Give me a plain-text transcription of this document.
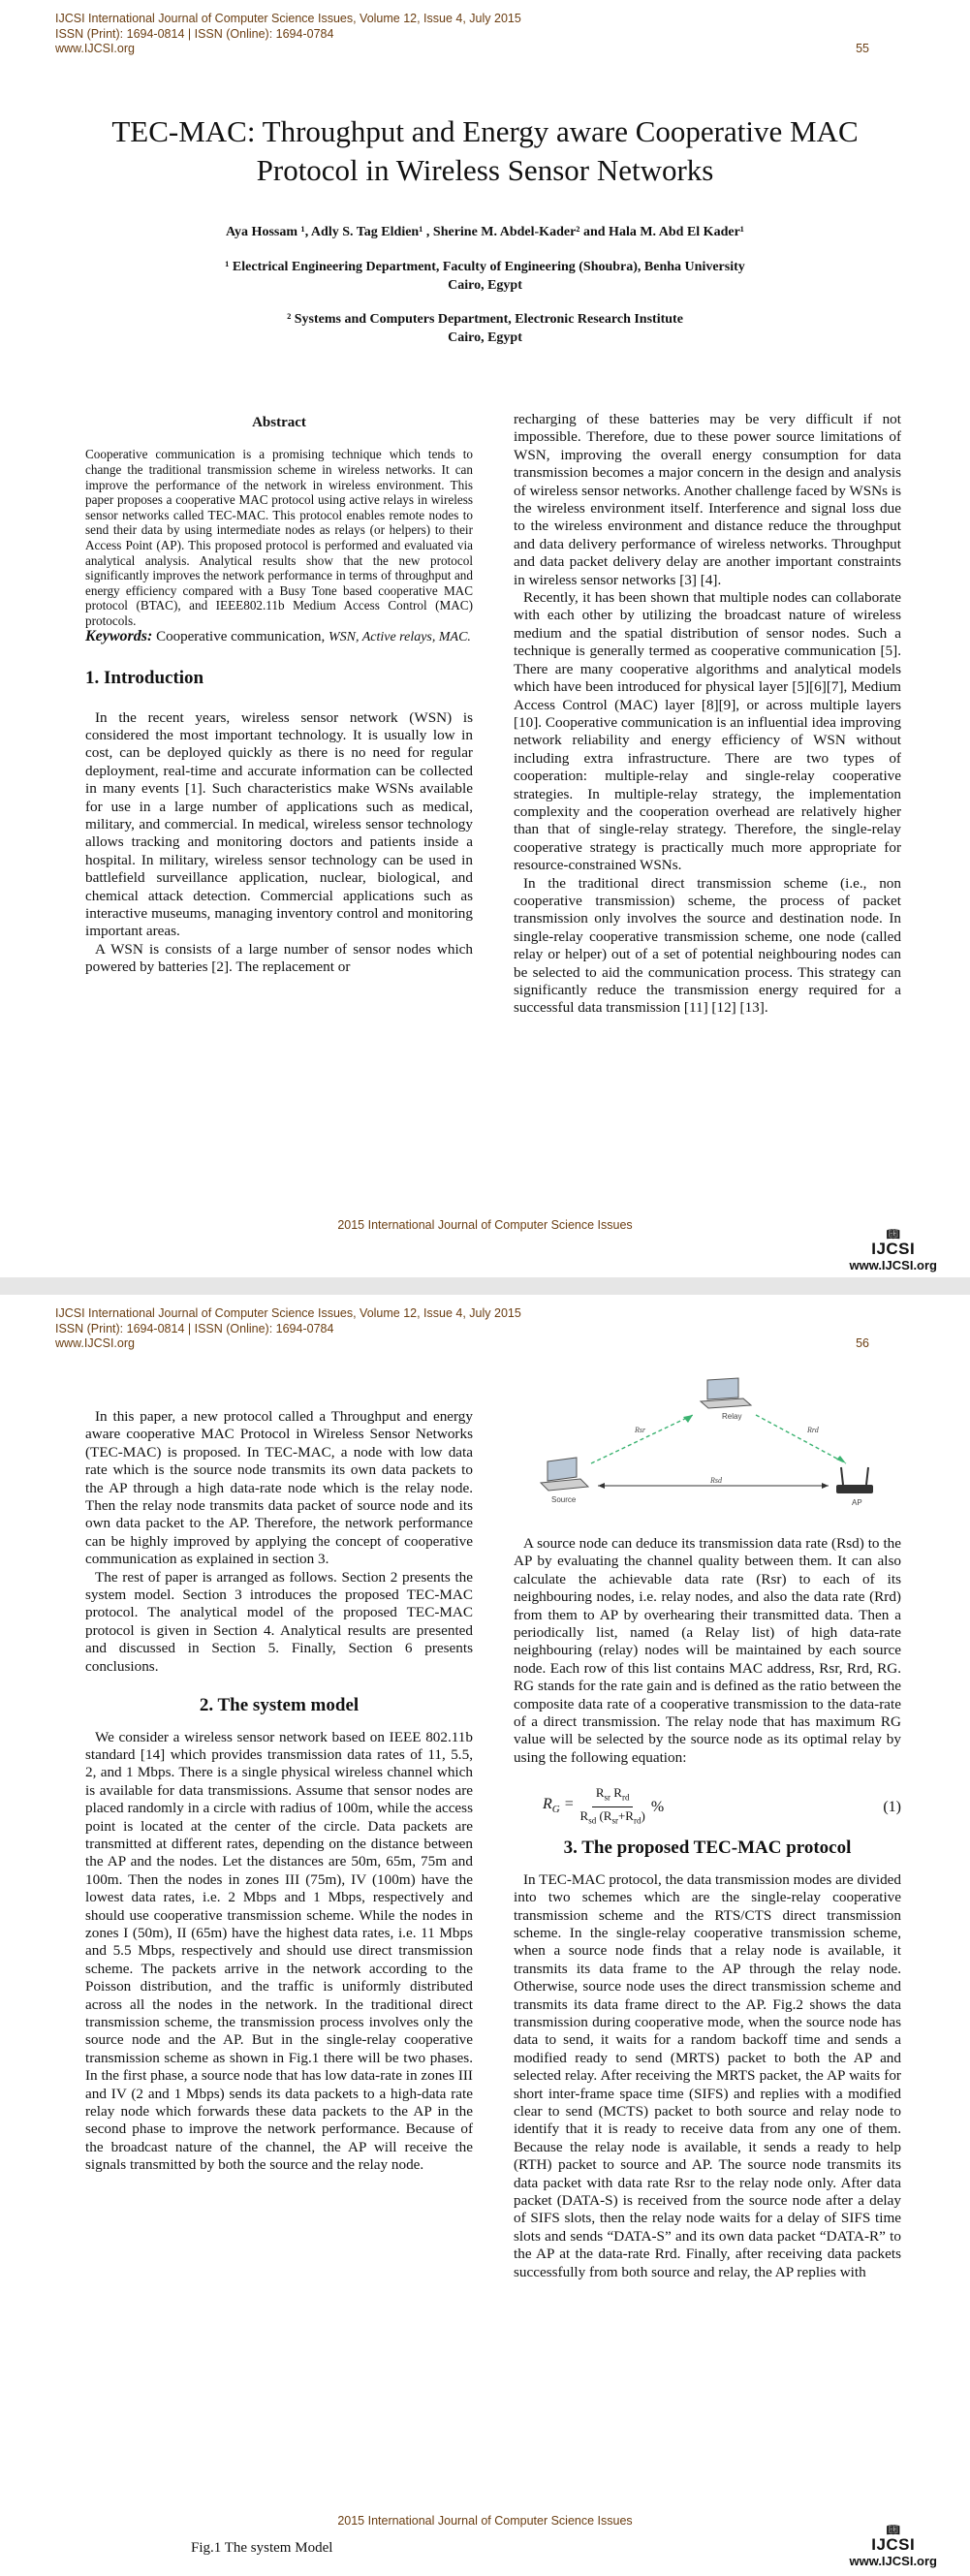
IJCSI International Journal of Computer Science Issues, Volume 12, Issue 4, July 2015
ISSN (Print): 1694-0814 | ISSN (Online): 1694-0784
www.IJCSI.org	55
TEC-MAC: Throughput and Energy aware Cooperative MAC Protocol in Wireless Sensor Networks
Aya Hossam ¹, Adly S. Tag Eldien¹ , Sherine M. Abdel-Kader² and Hala M. Abd El Kader¹
¹ Electrical Engineering Department, Faculty of Engineering (Shoubra), Benha University
Cairo, Egypt
² Systems and Computers Department, Electronic Research Institute
Cairo, Egypt
Abstract

Cooperative communication is a promising technique which tends to change the traditional transmission scheme in wireless networks. It can improve the performance of the network in wireless environment. This paper proposes a cooperative MAC protocol using active relays in wireless sensor networks called TEC-MAC. This protocol enables remote nodes to send their data by using intermediate nodes as relays (or helpers) to their Access Point (AP). This proposed protocol is performed and evaluated via analytical analysis. Analytical results show that the new protocol significantly improves the network performance in terms of throughput and energy efficiency compared with a Busy Tone based cooperative MAC protocol (BTAC), and IEEE802.11b Medium Access Control (MAC) protocols.

Keywords: Cooperative communication, WSN, Active relays, MAC.

1. Introduction

In the recent years, wireless sensor network (WSN) is considered the most important technology. It is usually low in cost, can be deployed quickly as there is no need for regular deployment, real-time and accurate information can be collected in many events [1]. Such characteristics make WSNs available for use in a large number of applications such as medical, military, and commercial. In medical, wireless sensor technology allows tracking and monitoring doctors and patients inside a hospital. In military, wireless sensor technology can be used in battlefield surveillance application, nuclear, biological, and chemical attack detection. Commercial applications such as interactive museums, managing inventory control and monitoring important areas.

A WSN is consists of a large number of sensor nodes which powered by batteries [2]. The replacement or

recharging of these batteries may be very difficult if not impossible. Therefore, due to these power source limitations of WSN, improving the overall energy consumption for data transmission becomes a major concern in the design and analysis of wireless sensor networks. Another challenge faced by WSNs is the wireless environment itself. Interference and signal loss due to the wireless environment and distance reduce the throughput and data delivery performance of wireless networks. Throughput and data packet delivery delay are another important constraints in wireless sensor networks [3] [4].

Recently, it has been shown that multiple nodes can collaborate with each other by utilizing the broadcast nature of wireless medium and the spatial distribution of sensor nodes. Such a technique is generally termed as cooperative communication [5]. There are many cooperative algorithms and analytical models which have been introduced for physical layer [5][6][7], Medium Access Control (MAC) layer [8][9], or across multiple layers [10]. Cooperative communication is an influential idea improving network reliability and energy efficiency of WSN without including extra infrastructure. There are two types of cooperation: multiple-relay and single-relay cooperative strategies. In multiple-relay strategy, the implementation complexity and the cooperation overhead are relatively higher than that of single-relay strategy. Therefore, the single-relay cooperative strategy is practically much more appropriate for resource-constrained WSNs.

In the traditional direct transmission scheme (i.e., non cooperative transmission) scheme, the process of packet transmission only involves the source and destination node. In single-relay cooperative transmission scheme, one node (called relay or helper) out of a set of potential neighbouring nodes can be selected to aid the communication process. This strategy can significantly reduce the transmission energy required for a successful data transmission [11] [12] [13].

2015 International Journal of Computer Science Issues
📖︎
IJCSI
www.IJCSI.org
IJCSI International Journal of Computer Science Issues, Volume 12, Issue 4, July 2015
ISSN (Print): 1694-0814 | ISSN (Online): 1694-0784
www.IJCSI.org	56

In this paper, a new protocol called a Throughput and energy aware cooperative MAC Protocol in Wireless Sensor Networks (TEC-MAC) is proposed. In TEC-MAC, a node with low data rate which is the source node transmits its own data packets to the AP through a high data-rate node which is the relay node. Then the relay node transmits data packet of source node and its own data packet to the AP. Therefore, the network performance can be highly improved by applying the concept of cooperative communication as explained in section 3.

The rest of paper is arranged as follows. Section 2 presents the system model. Section 3 introduces the proposed TEC-MAC protocol. The analytical model of the proposed TEC-MAC protocol is given in Section 4. Analytical results are presented and discussed in Section 5. Finally, Section 6 presents conclusions.

2. The system model

We consider a wireless sensor network based on IEEE 802.11b standard [14] which provides transmission data rates of 11, 5.5, 2, and 1 Mbps. There is a single physical wireless channel which is available for data transmissions. Assume that sensor nodes are placed randomly in a circle with radius of 100m, while the access point is located at the center of the circle. Data packets are transmitted at different rates, depending on the distance between the AP and the nodes. Let the distances are 50m, 65m, 75m and 100m. Then the nodes in zones III (75m), IV (100m) have the lowest data rates, i.e. 2 Mbps and 1 Mbps, respectively and should use cooperative transmission scheme. While the nodes in zones I (50m), II (65m) have the highest data rates, i.e. 11 Mbps and 5.5 Mbps, respectively and should use direct transmission scheme. The packets arrive in the network according to the Poisson distribution, and the traffic is uniformly distributed across all the nodes in the network. In the traditional direct transmission scheme, the transmission process involves only the source node and the AP. But in the single-relay cooperative transmission scheme as shown in Fig.1 there will be two phases. In the first phase, a source node that has low data-rate in zones III and IV (2 and 1 Mbps) sends its data packets to a high-data rate relay node which forwards these data packets to the AP in the second phase to improve the network performance. Because of the broadcast nature of the channel, the AP will receive the signals transmitted by both the source and the relay node.

A source node can deduce its transmission data rate (Rsd) to the AP by evaluating the channel quality between them. It can also calculate the achievable data rate (Rsr) to each of its neighbouring nodes, i.e. relay nodes, and also the data rate (Rrd) from them to AP by overhearing their transmitted data. Then a periodically list, named (a Relay list) of high data-rate neighbouring (relay) nodes will be maintained by each source node. Each row of this list contains MAC address, Rsr, Rrd, RG. RG stands for the rate gain and is defined as the ratio between the composite data rate of a cooperative transmission to the data-rate of a direct transmission. The relay node that has maximum RG value will be selected by the source node as its optimal relay by using the following equation:

$R_G = \frac{R_{sr} R_{rd}}{R_{sd} (R_{sr}+R_{rd})}$ %	(1)
3. The proposed TEC-MAC protocol

In TEC-MAC protocol, the data transmission modes are divided into two schemes which are the single-relay cooperative transmission scheme and the RTS/CTS direct transmission scheme. In the single-relay cooperative transmission scheme, when a source node finds that a relay node is available, it transmits its data frame to the AP through the relay node. Otherwise, source node uses the direct transmission scheme and transmits its data frame direct to the AP. Fig.2 shows the data transmission during cooperative mode, when the source node has data to send, it waits for a random backoff time and sends a modified ready to send (MRTS) packet to both the AP and selected relay. After receiving the MRTS packet, the AP waits for short inter-frame space time (SIFS) and replies with a modified clear to send (MCTS) packet to both source and relay node to identify that it is ready to receive data from any one of them. Because the relay node is available, it sends a ready to help (RTH) packet to source and AP. The source node transmits its data packet with data rate Rsr to the relay node only. After data packet (DATA-S) is received from the source node after a delay of SIFS slots, then the relay node waits for a delay of SIFS time slots and sends “DATA-S” and its own data packet “DATA-R” to the AP at the data-rate Rrd. Finally, after receiving data packets successfully from both source and relay, the AP replies with

Fig.1 The system Model
2015 International Journal of Computer Science Issues
📖︎
IJCSI
www.IJCSI.org
Relay
Source	AP
Rsr	Rrd
Rsd
